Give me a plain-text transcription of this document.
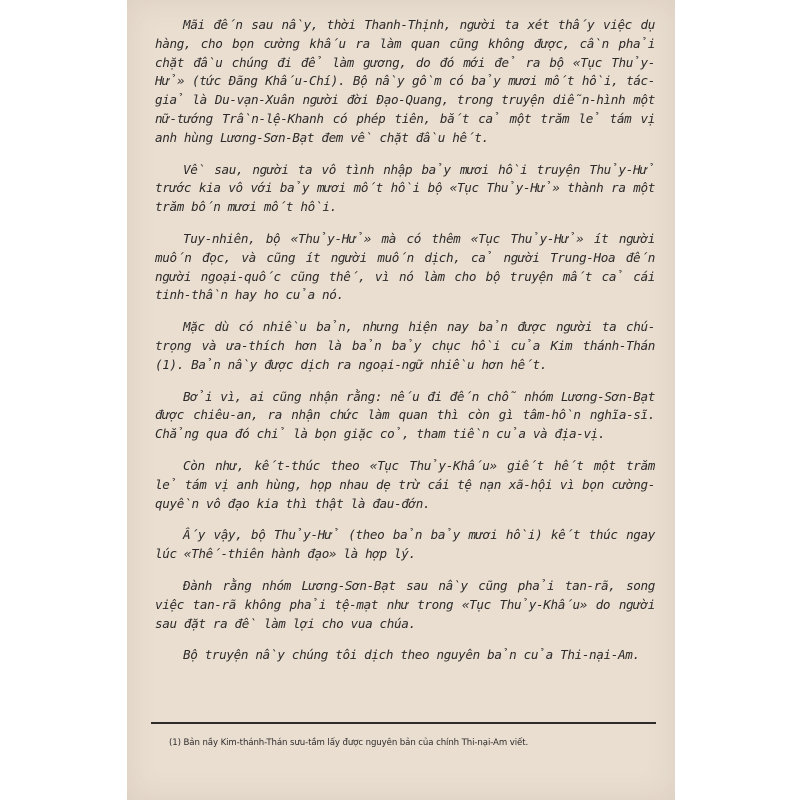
Mãi đến sau nầy, thời Thanh-Thịnh, người ta xét thấy việc dụ hàng, cho bọn cường khấu ra làm quan cũng không được, cần phải chặt đầu chúng đi để làm gương, do đó mới đẻ ra bộ «Tục Thủy-Hử» (tức Đãng Khấu-Chí). Bộ nầy gồm có bảy mươi mốt hồi, tác-giả là Du-vạn-Xuân người đời Đạo-Quang, trong truyện diễn-hình một nữ-tướng Trần-lệ-Khanh có phép tiên, bắt cả một trăm lẻ tám vị anh hùng Lương-Sơn-Bạt đem về chặt đầu hết.

Về sau, người ta vô tình nhập bảy mươi hồi truyện Thủy-Hử trước kia vô với bảy mươi mốt hồi bộ «Tục Thủy-Hử» thành ra một trăm bốn mươi mốt hồi.

Tuy-nhiên, bộ «Thủy-Hử» mà có thêm «Tục Thủy-Hử» ít người muốn đọc, và cũng ít người muốn dịch, cả người Trung-Hoa đến người ngoại-quốc cũng thế, vì nó làm cho bộ truyện mất cả cái tinh-thần hay ho của nó.

Mặc dù có nhiều bản, nhưng hiện nay bản được người ta chú-trọng và ưa-thích hơn là bản bảy chục hồi của Kim thánh-Thán (1). Bản nầy được dịch ra ngoại-ngữ nhiều hơn hết.

Bởi vì, ai cũng nhận rằng: nếu đi đến chỗ nhóm Lương-Sơn-Bạt được chiêu-an, ra nhận chức làm quan thì còn gì tâm-hồn nghĩa-sĩ. Chẳng qua đó chỉ là bọn giặc cỏ, tham tiền của và địa-vị.

Còn như, kết-thúc theo «Tục Thủy-Khấu» giết hết một trăm lẻ tám vị anh hùng, họp nhau dẹ trừ cái tệ nạn xã-hội vì bọn cường-quyền vô đạo kia thì thật là đau-đớn.

Ấy vậy, bộ Thủy-Hử (theo bản bảy mươi hồi) kết thúc ngay lúc «Thế-thiên hành đạo» là hợp lý.

Đành rằng nhóm Lương-Sơn-Bạt sau nầy cũng phải tan-rã, song việc tan-rã không phải tệ-mạt như trong «Tục Thủy-Khấu» do người sau đặt ra đề làm lợi cho vua chúa.

Bộ truyện nầy chúng tôi dịch theo nguyên bản của Thi-nại-Am.

(1) Bản nầy Kim-thánh-Thán sưu-tầm lấy được nguyên bản của chính Thi-nại-Am viết.
